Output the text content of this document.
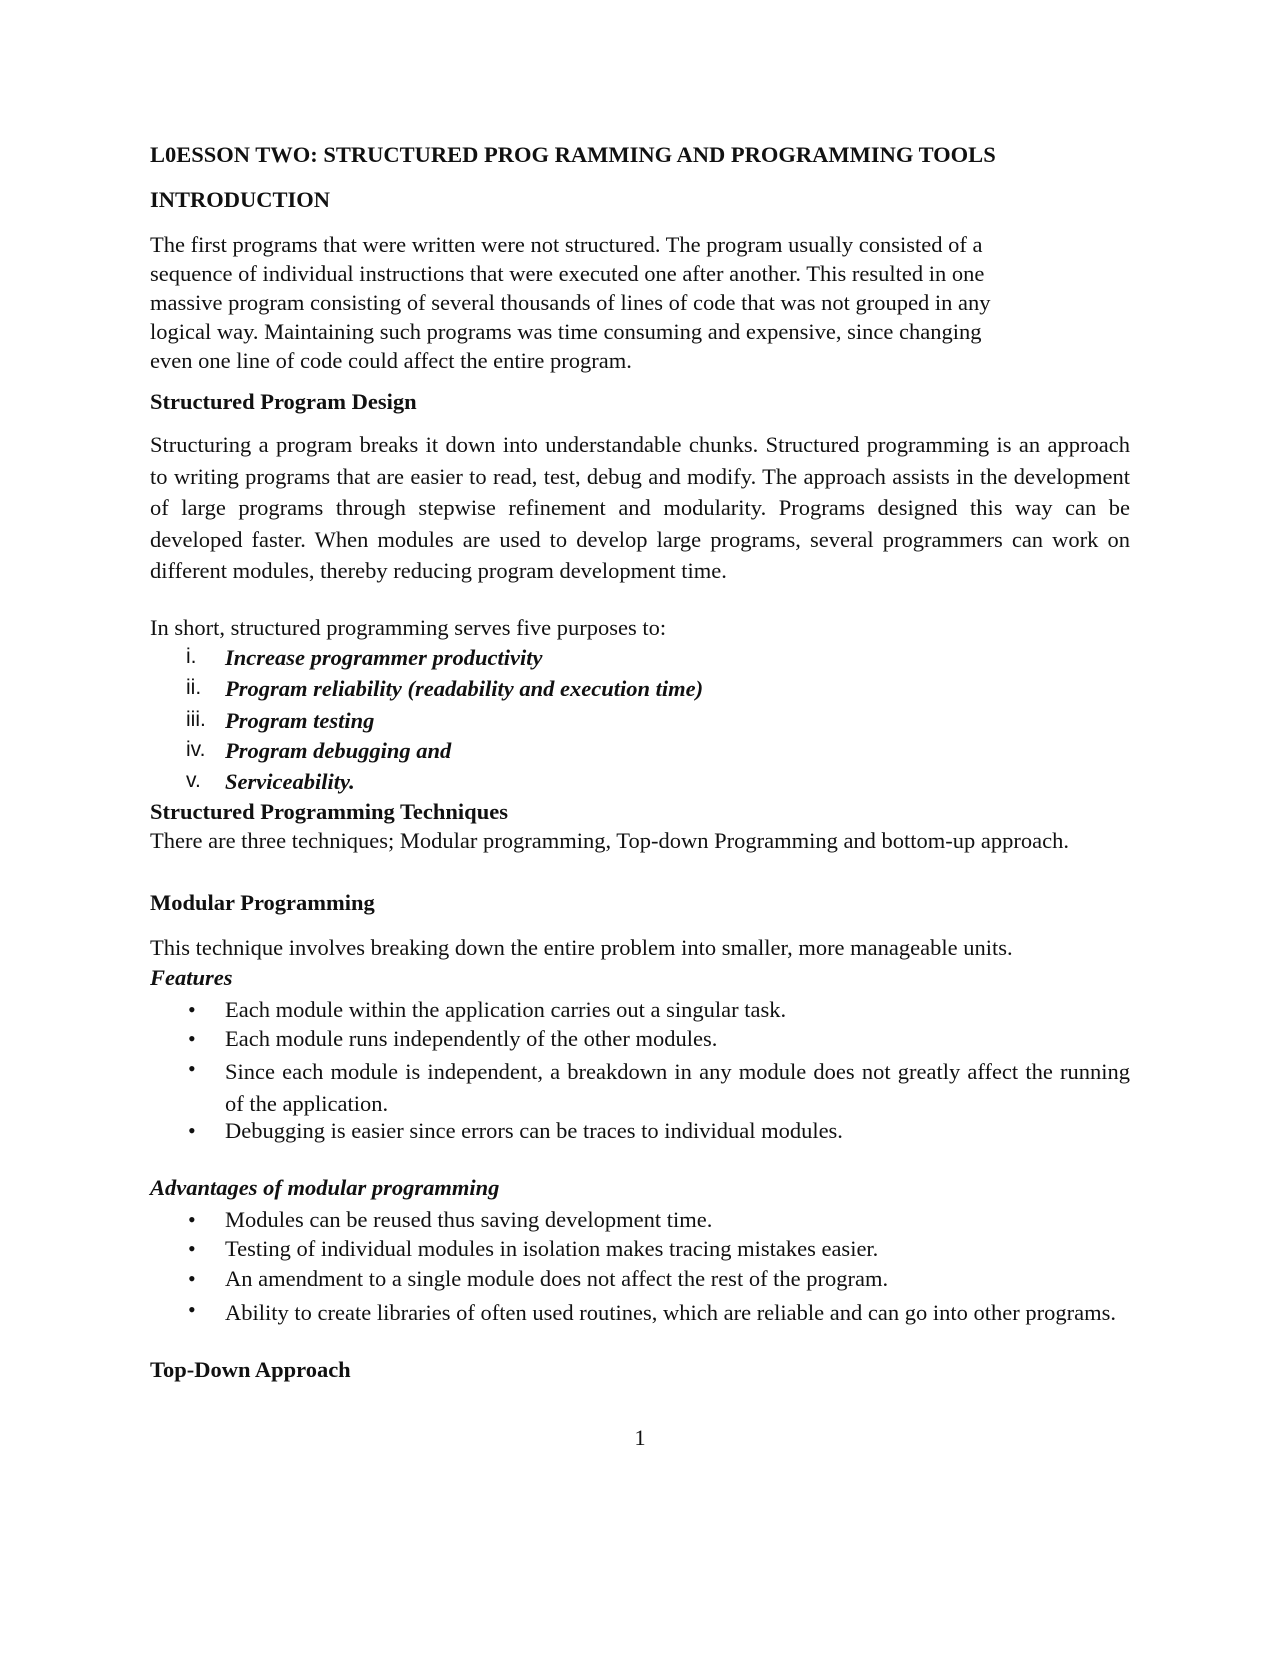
L0ESSON TWO: STRUCTURED PROG RAMMING AND PROGRAMMING TOOLS
INTRODUCTION
The first programs that were written were not structured. The program usually consisted of a
sequence of individual instructions that were executed one after another. This resulted in one
massive program consisting of several thousands of lines of code that was not grouped in any
logical way. Maintaining such programs was time consuming and expensive, since changing
even one line of code could affect the entire program.
Structured Program Design
Structuring a program breaks it down into understandable chunks. Structured programming is an approach to writing programs that are easier to read, test, debug and modify. The approach assists in the development of large programs through stepwise refinement and modularity. Programs designed this way can be developed faster. When modules are used to develop large programs, several programmers can work on different modules, thereby reducing program development time.
In short, structured programming serves five purposes to:
i.	Increase programmer productivity
ii.	Program reliability (readability and execution time)
iii. Program testing
iv. Program debugging and
v.	Serviceability.
Structured Programming Techniques
There are three techniques; Modular programming, Top-down Programming and bottom-up approach.
Modular Programming
This technique involves breaking down the entire problem into smaller, more manageable units.
Features
•	Each module within the application carries out a singular task.
•	Each module runs independently of the other modules.
•	Since each module is independent, a breakdown in any module does not greatly affect the running of the application.
•	Debugging is easier since errors can be traces to individual modules.
Advantages of modular programming
•	Modules can be reused thus saving development time.
•	Testing of individual modules in isolation makes tracing mistakes easier.
•	An amendment to a single module does not affect the rest of the program.
•	Ability to create libraries of often used routines, which are reliable and can go into other programs.
Top-Down Approach
1
